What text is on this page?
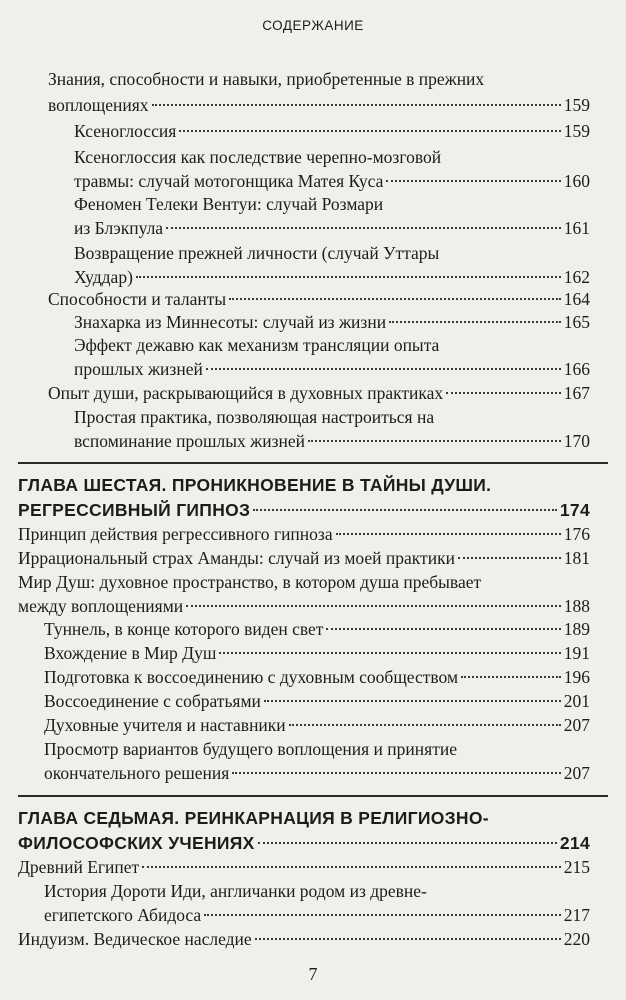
СОДЕРЖАНИЕ
Знания, способности и навыки, приобретенные в прежних
воплощениях	159
Ксеноглоссия	159
Ксеноглоссия как последствие черепно-мозговой
травмы: случай мотогонщика Матея Куса	160
Феномен Телеки Вентуи: случай Розмари
из Блэкпула	161
Возвращение прежней личности (случай Уттары
Худдар)	162
Способности и таланты	164
Знахарка из Миннесоты: случай из жизни	165
Эффект дежавю как механизм трансляции опыта
прошлых жизней	166
Опыт души, раскрывающийся в духовных практиках	167
Простая практика, позволяющая настроиться на
вспоминание прошлых жизней	170
ГЛАВА ШЕСТАЯ. ПРОНИКНОВЕНИЕ В ТАЙНЫ ДУШИ.
РЕГРЕССИВНЫЙ ГИПНОЗ	174
Принцип действия регрессивного гипноза	176
Иррациональный страх Аманды: случай из моей практики	181
Мир Душ: духовное пространство, в котором душа пребывает
между воплощениями	188
Туннель, в конце которого виден свет	189
Вхождение в Мир Душ	191
Подготовка к воссоединению с духовным сообществом	196
Воссоединение с собратьями	201
Духовные учителя и наставники	207
Просмотр вариантов будущего воплощения и принятие
окончательного решения	207
ГЛАВА СЕДЬМАЯ. РЕИНКАРНАЦИЯ В РЕЛИГИОЗНО-
ФИЛОСОФСКИХ УЧЕНИЯХ	214
Древний Египет	215
История Дороти Иди, англичанки родом из древне-
египетского Абидоса	217
Индуизм. Ведическое наследие	220
7
